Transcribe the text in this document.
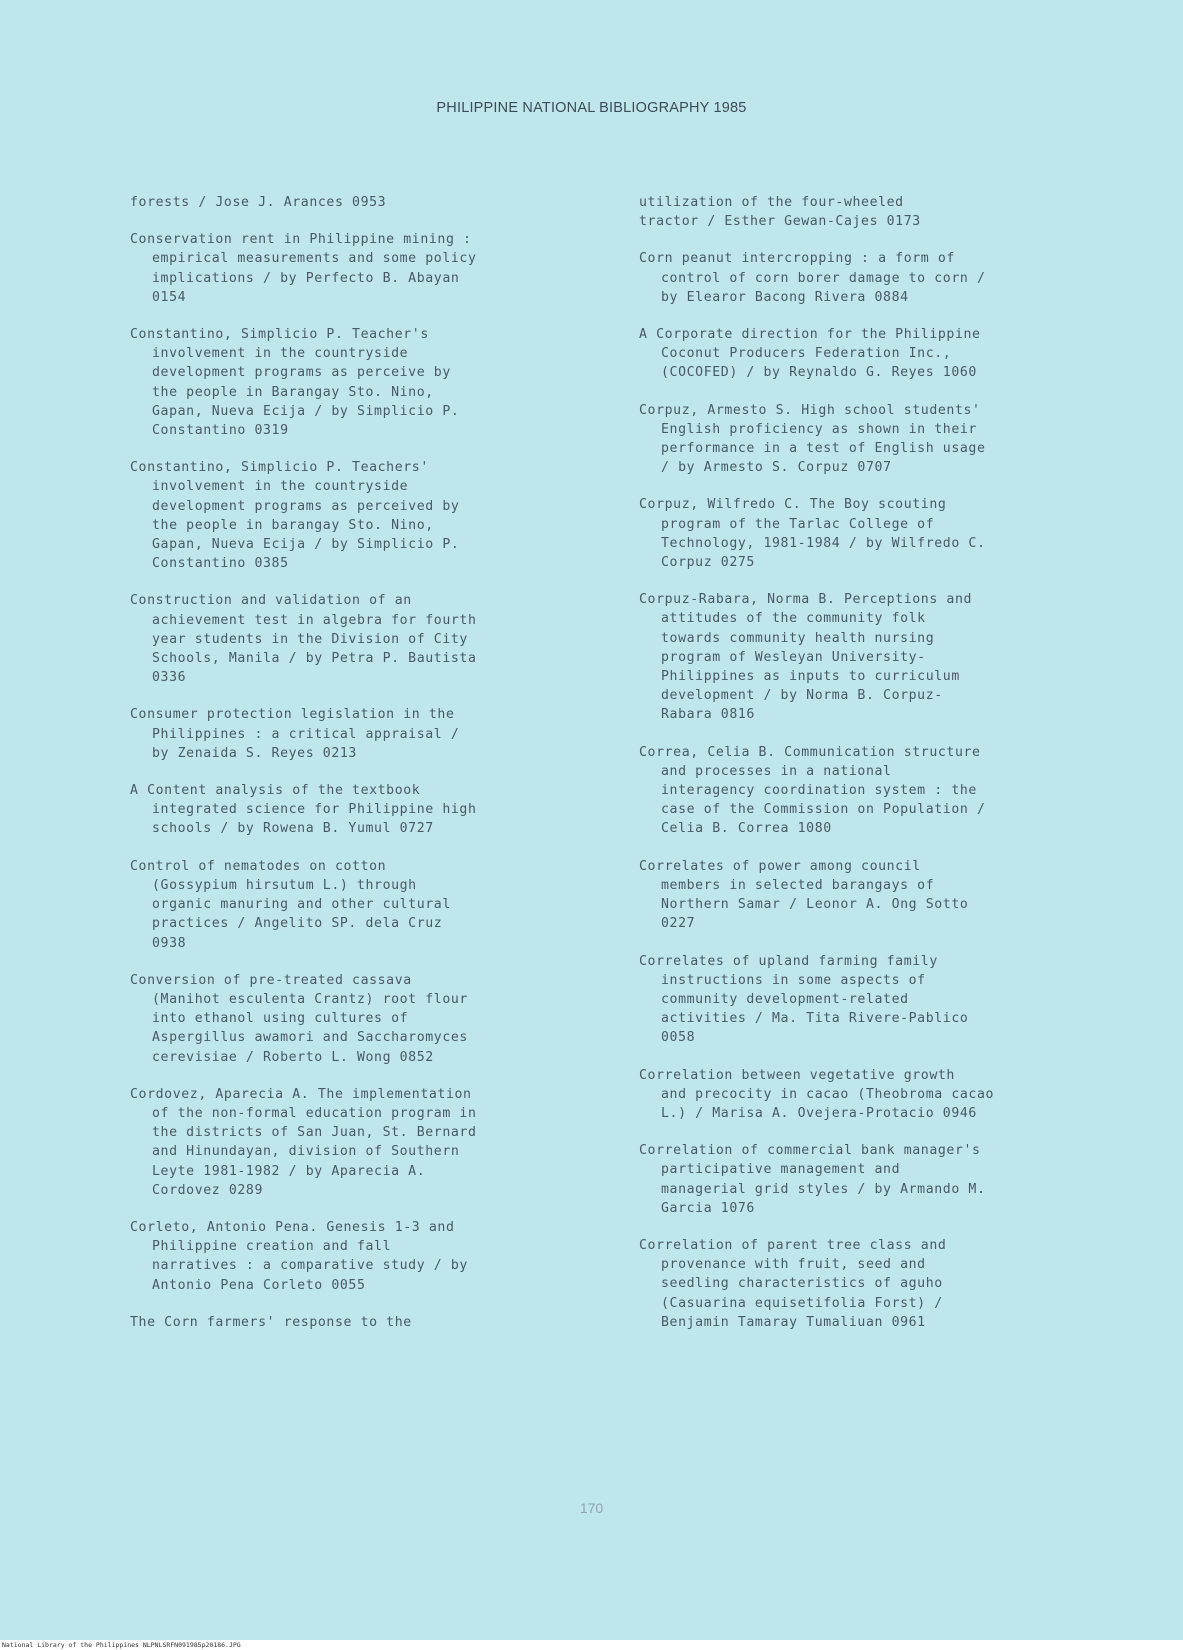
PHILIPPINE NATIONAL BIBLIOGRAPHY 1985
forests / Jose J. Arances 0953
Conservation rent in Philippine mining :
empirical measurements and some policy
implications / by Perfecto B. Abayan
0154
Constantino, Simplicio P. Teacher's
involvement in the countryside
development programs as perceive by
the people in Barangay Sto. Nino,
Gapan, Nueva Ecija / by Simplicio P.
Constantino 0319
Constantino, Simplicio P. Teachers'
involvement in the countryside
development programs as perceived by
the people in barangay Sto. Nino,
Gapan, Nueva Ecija / by Simplicio P.
Constantino 0385
Construction and validation of an
achievement test in algebra for fourth
year students in the Division of City
Schools, Manila / by Petra P. Bautista
0336
Consumer protection legislation in the
Philippines : a critical appraisal /
by Zenaida S. Reyes 0213
A Content analysis of the textbook
integrated science for Philippine high
schools / by Rowena B. Yumul 0727
Control of nematodes on cotton
(Gossypium hirsutum L.) through
organic manuring and other cultural
practices / Angelito SP. dela Cruz
0938
Conversion of pre-treated cassava
(Manihot esculenta Crantz) root flour
into ethanol using cultures of
Aspergillus awamori and Saccharomyces
cerevisiae / Roberto L. Wong 0852
Cordovez, Aparecia A. The implementation
of the non-formal education program in
the districts of San Juan, St. Bernard
and Hinundayan, division of Southern
Leyte 1981-1982 / by Aparecia A.
Cordovez 0289
Corleto, Antonio Pena. Genesis 1-3 and
Philippine creation and fall
narratives : a comparative study / by
Antonio Pena Corleto 0055
The Corn farmers' response to the
utilization of the four-wheeled
tractor / Esther Gewan-Cajes 0173
Corn peanut intercropping : a form of
control of corn borer damage to corn /
by Elearor Bacong Rivera 0884
A Corporate direction for the Philippine
Coconut Producers Federation Inc.,
(COCOFED) / by Reynaldo G. Reyes 1060
Corpuz, Armesto S. High school students'
English proficiency as shown in their
performance in a test of English usage
/ by Armesto S. Corpuz 0707
Corpuz, Wilfredo C. The Boy scouting
program of the Tarlac College of
Technology, 1981-1984 / by Wilfredo C.
Corpuz 0275
Corpuz-Rabara, Norma B. Perceptions and
attitudes of the community folk
towards community health nursing
program of Wesleyan University-
Philippines as inputs to curriculum
development / by Norma B. Corpuz-
Rabara 0816
Correa, Celia B. Communication structure
and processes in a national
interagency coordination system : the
case of the Commission on Population /
Celia B. Correa 1080
Correlates of power among council
members in selected barangays of
Northern Samar / Leonor A. Ong Sotto
0227
Correlates of upland farming family
instructions in some aspects of
community development-related
activities / Ma. Tita Rivere-Pablico
0058
Correlation between vegetative growth
and precocity in cacao (Theobroma cacao
L.) / Marisa A. Ovejera-Protacio 0946
Correlation of commercial bank manager's
participative management and
managerial grid styles / by Armando M.
Garcia 1076
Correlation of parent tree class and
provenance with fruit, seed and
seedling characteristics of aguho
(Casuarina equisetifolia Forst) /
Benjamin Tamaray Tumaliuan 0961
170
National Library of the Philippines NLPNLSRFN091985p20186.JPG
